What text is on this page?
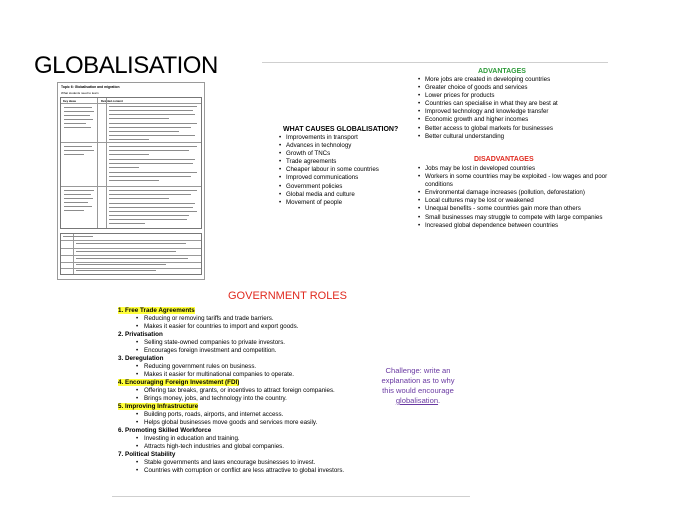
GLOBALISATION
Topic 6: Globalisation and migration
What students need to learn
Key ideas	Detailed content
ADVANTAGES
• More jobs are created in developing countries
• Greater choice of goods and services
• Lower prices for products
• Countries can specialise in what they are best at
• Improved technology and knowledge transfer
• Economic growth and higher incomes
• Better access to global markets for businesses
• Better cultural understanding
WHAT CAUSES GLOBALISATION?
• Improvements in transport
• Advances in technology
• Growth of TNCs
• Trade agreements
• Cheaper labour in some countries
• Improved communications
• Government policies
• Global media and culture
• Movement of people
DISADVANTAGES
• Jobs may be lost in developed countries
• Workers in some countries may be exploited - low wages and poor conditions
• Environmental damage increases (pollution, deforestation)
• Local cultures may be lost or weakened
• Unequal benefits - some countries gain more than others
• Small businesses may struggle to compete with large companies
• Increased global dependence between countries
GOVERNMENT ROLES
1. Free Trade Agreements
• Reducing or removing tariffs and trade barriers.
• Makes it easier for countries to import and export goods.
2. Privatisation
• Selling state-owned companies to private investors.
• Encourages foreign investment and competition.
3. Deregulation
• Reducing government rules on business.
• Makes it easier for multinational companies to operate.
4. Encouraging Foreign Investment (FDI)
• Offering tax breaks, grants, or incentives to attract foreign companies.
• Brings money, jobs, and technology into the country.
5. Improving Infrastructure
• Building ports, roads, airports, and internet access.
• Helps global businesses move goods and services more easily.
6. Promoting Skilled Workforce
• Investing in education and training.
• Attracts high-tech industries and global companies.
7. Political Stability
• Stable governments and laws encourage businesses to invest.
• Countries with corruption or conflict are less attractive to global investors.
Challenge: write an explanation as to why this would encourage globalisation.
